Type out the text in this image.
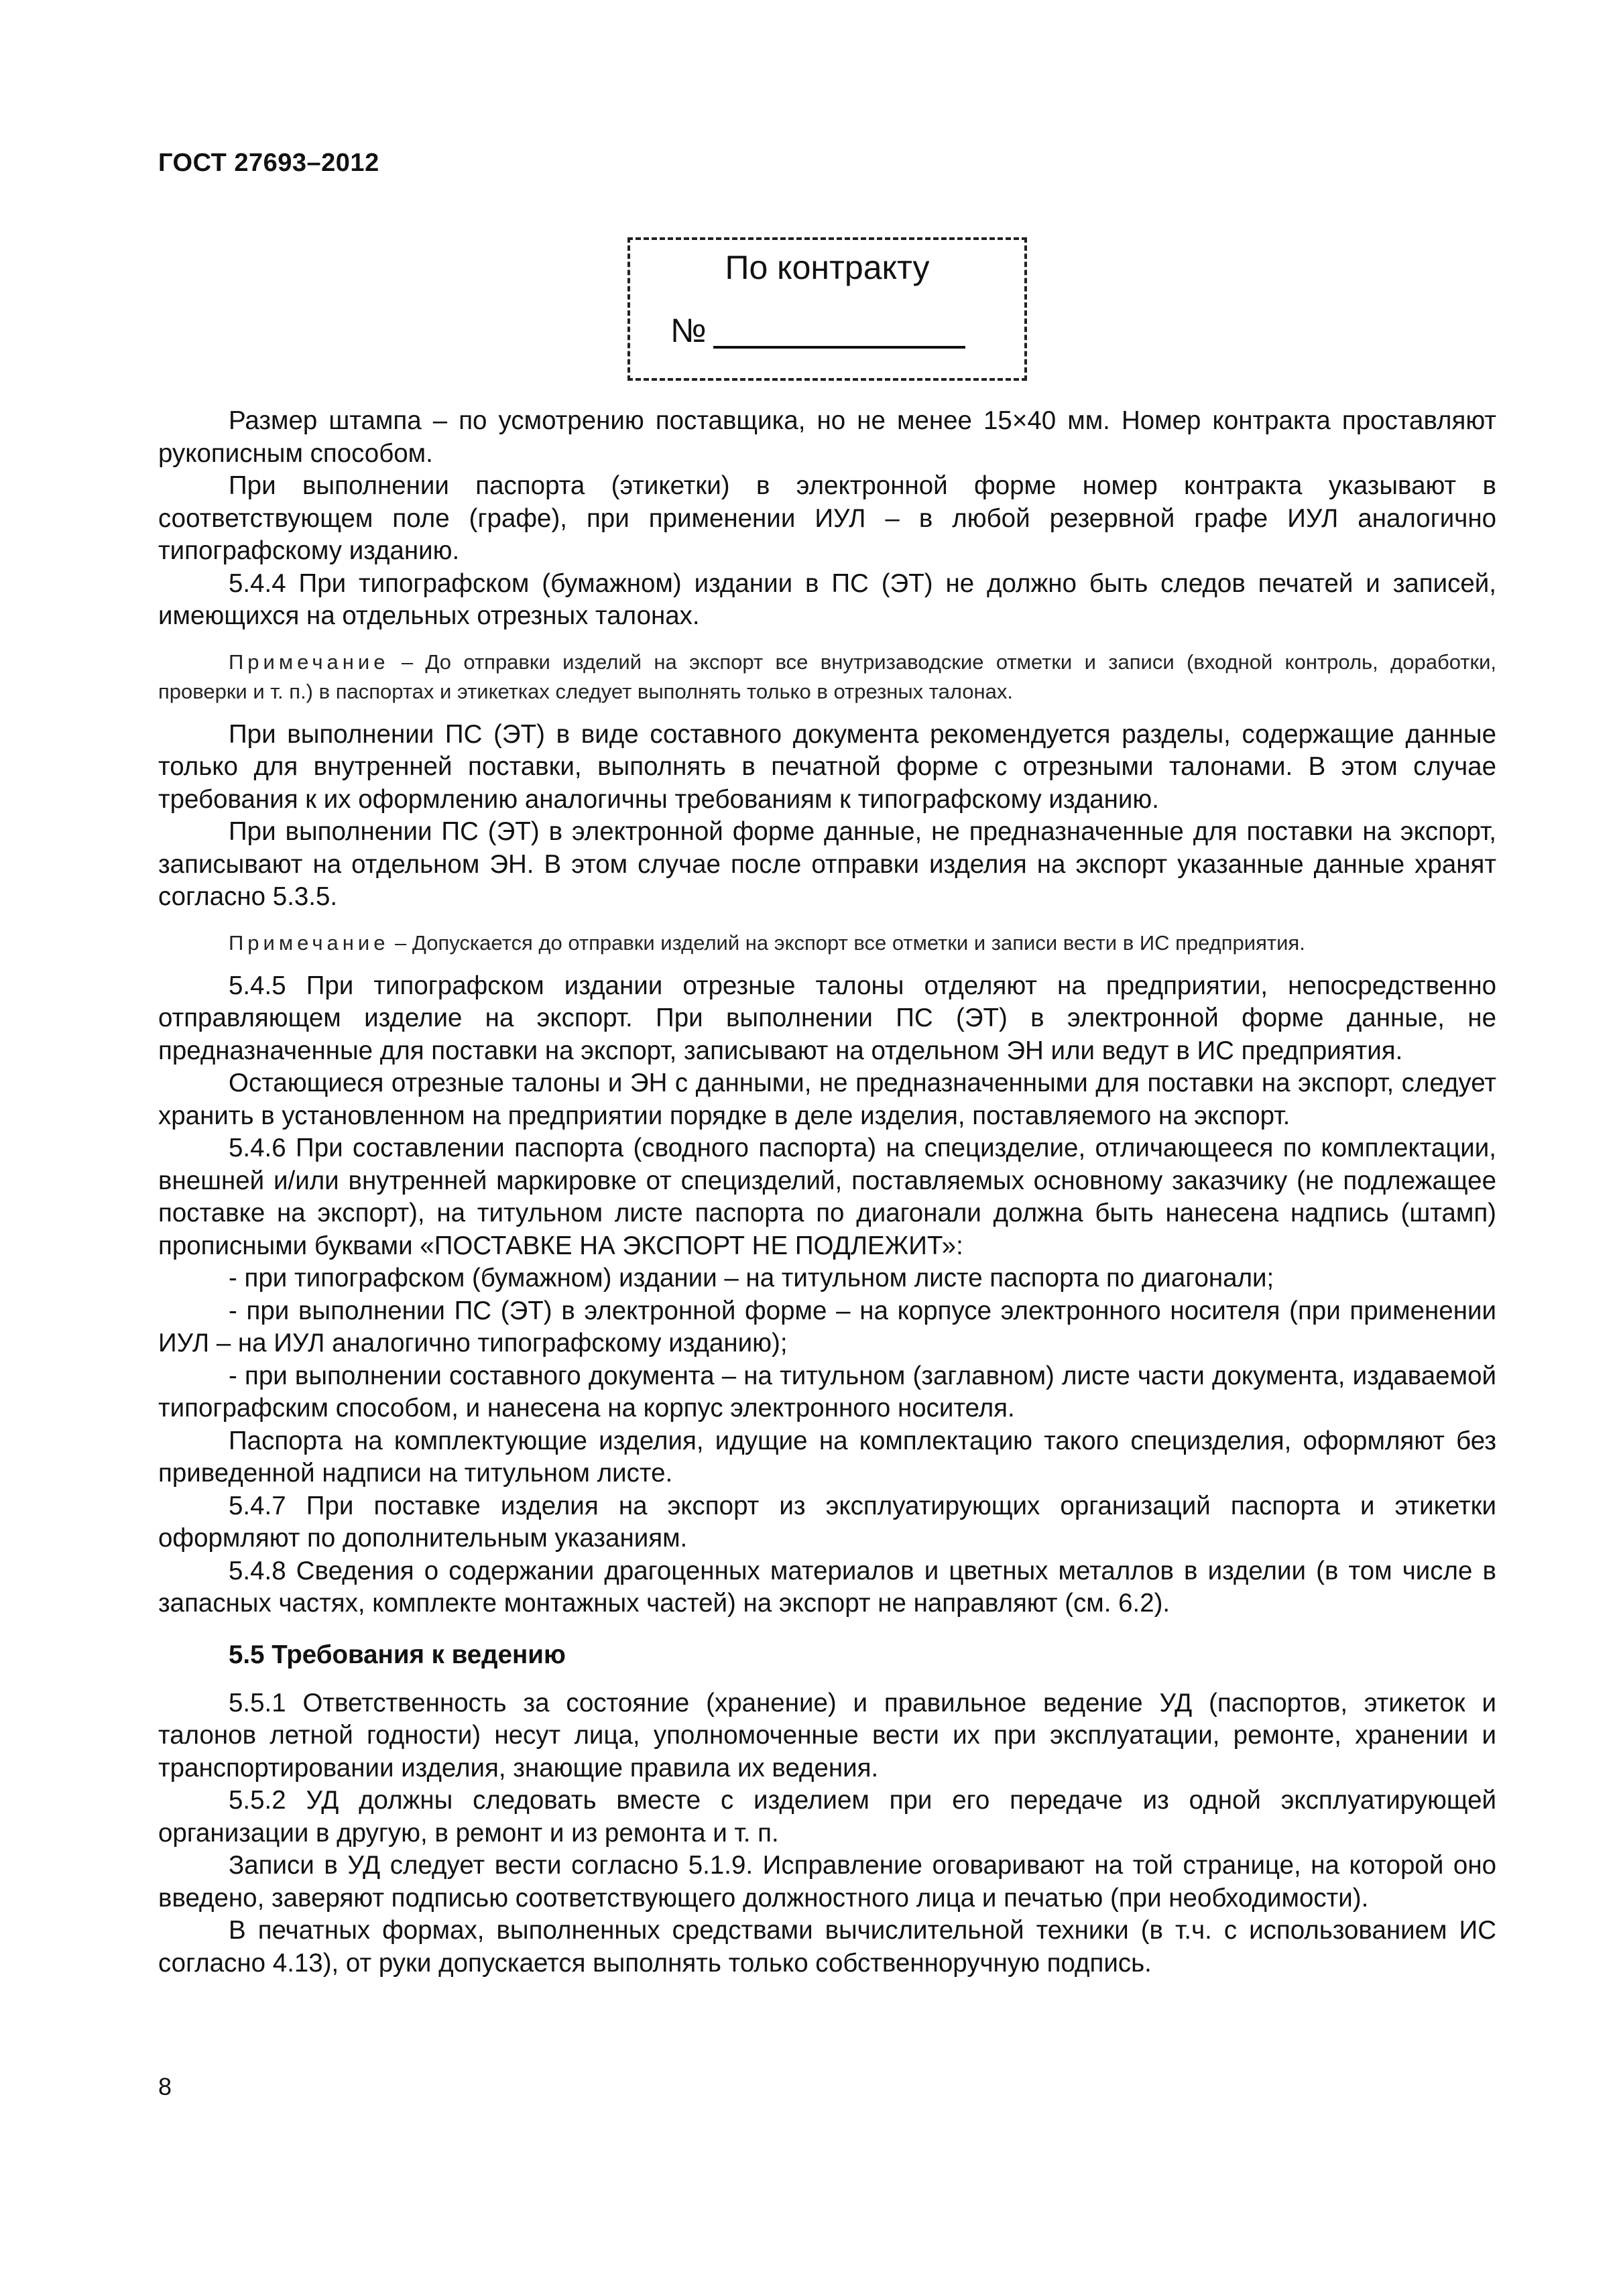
ГОСТ 27693–2012
По контракту
№

Размер штампа – по усмотрению поставщика, но не менее 15×40 мм. Номер контракта проставляют рукописным способом.

При выполнении паспорта (этикетки) в электронной форме номер контракта указывают в соответствующем поле (графе), при применении ИУЛ – в любой резервной графе ИУЛ аналогично типографскому изданию.

5.4.4 При типографском (бумажном) издании в ПС (ЭТ) не должно быть следов печатей и записей, имеющихся на отдельных отрезных талонах.

Примечание – До отправки изделий на экспорт все внутризаводские отметки и записи (входной контроль, доработки, проверки и т. п.) в паспортах и этикетках следует выполнять только в отрезных талонах.

При выполнении ПС (ЭТ) в виде составного документа рекомендуется разделы, содержащие данные только для внутренней поставки, выполнять в печатной форме с отрезными талонами. В этом случае требования к их оформлению аналогичны требованиям к типографскому изданию.

При выполнении ПС (ЭТ) в электронной форме данные, не предназначенные для поставки на экспорт, записывают на отдельном ЭН. В этом случае после отправки изделия на экспорт указанные данные хранят согласно 5.3.5.

Примечание – Допускается до отправки изделий на экспорт все отметки и записи вести в ИС предприятия.

5.4.5 При типографском издании отрезные талоны отделяют на предприятии, непосредственно отправляющем изделие на экспорт. При выполнении ПС (ЭТ) в электронной форме данные, не предназначенные для поставки на экспорт, записывают на отдельном ЭН или ведут в ИС предприятия.

Остающиеся отрезные талоны и ЭН с данными, не предназначенными для поставки на экспорт, следует хранить в установленном на предприятии порядке в деле изделия, поставляемого на экспорт.

5.4.6 При составлении паспорта (сводного паспорта) на специзделие, отличающееся по комплектации, внешней и/или внутренней маркировке от специзделий, поставляемых основному заказчику (не подлежащее поставке на экспорт), на титульном листе паспорта по диагонали должна быть нанесена надпись (штамп) прописными буквами «ПОСТАВКЕ НА ЭКСПОРТ НЕ ПОДЛЕЖИТ»:

- при типографском (бумажном) издании – на титульном листе паспорта по диагонали;

- при выполнении ПС (ЭТ) в электронной форме – на корпусе электронного носителя (при применении ИУЛ – на ИУЛ аналогично типографскому изданию);

- при выполнении составного документа – на титульном (заглавном) листе части документа, издаваемой типографским способом, и нанесена на корпус электронного носителя.

Паспорта на комплектующие изделия, идущие на комплектацию такого специзделия, оформляют без приведенной надписи на титульном листе.

5.4.7 При поставке изделия на экспорт из эксплуатирующих организаций паспорта и этикетки оформляют по дополнительным указаниям.

5.4.8 Сведения о содержании драгоценных материалов и цветных металлов в изделии (в том числе в запасных частях, комплекте монтажных частей) на экспорт не направляют (см. 6.2).

5.5 Требования к ведению

5.5.1 Ответственность за состояние (хранение) и правильное ведение УД (паспортов, этикеток и талонов летной годности) несут лица, уполномоченные вести их при эксплуатации, ремонте, хранении и транспортировании изделия, знающие правила их ведения.

5.5.2 УД должны следовать вместе с изделием при его передаче из одной эксплуатирующей организации в другую, в ремонт и из ремонта и т. п.

Записи в УД следует вести согласно 5.1.9. Исправление оговаривают на той странице, на которой оно введено, заверяют подписью соответствующего должностного лица и печатью (при необходимости).

В печатных формах, выполненных средствами вычислительной техники (в т.ч. с использованием ИС согласно 4.13), от руки допускается выполнять только собственноручную подпись.

8
